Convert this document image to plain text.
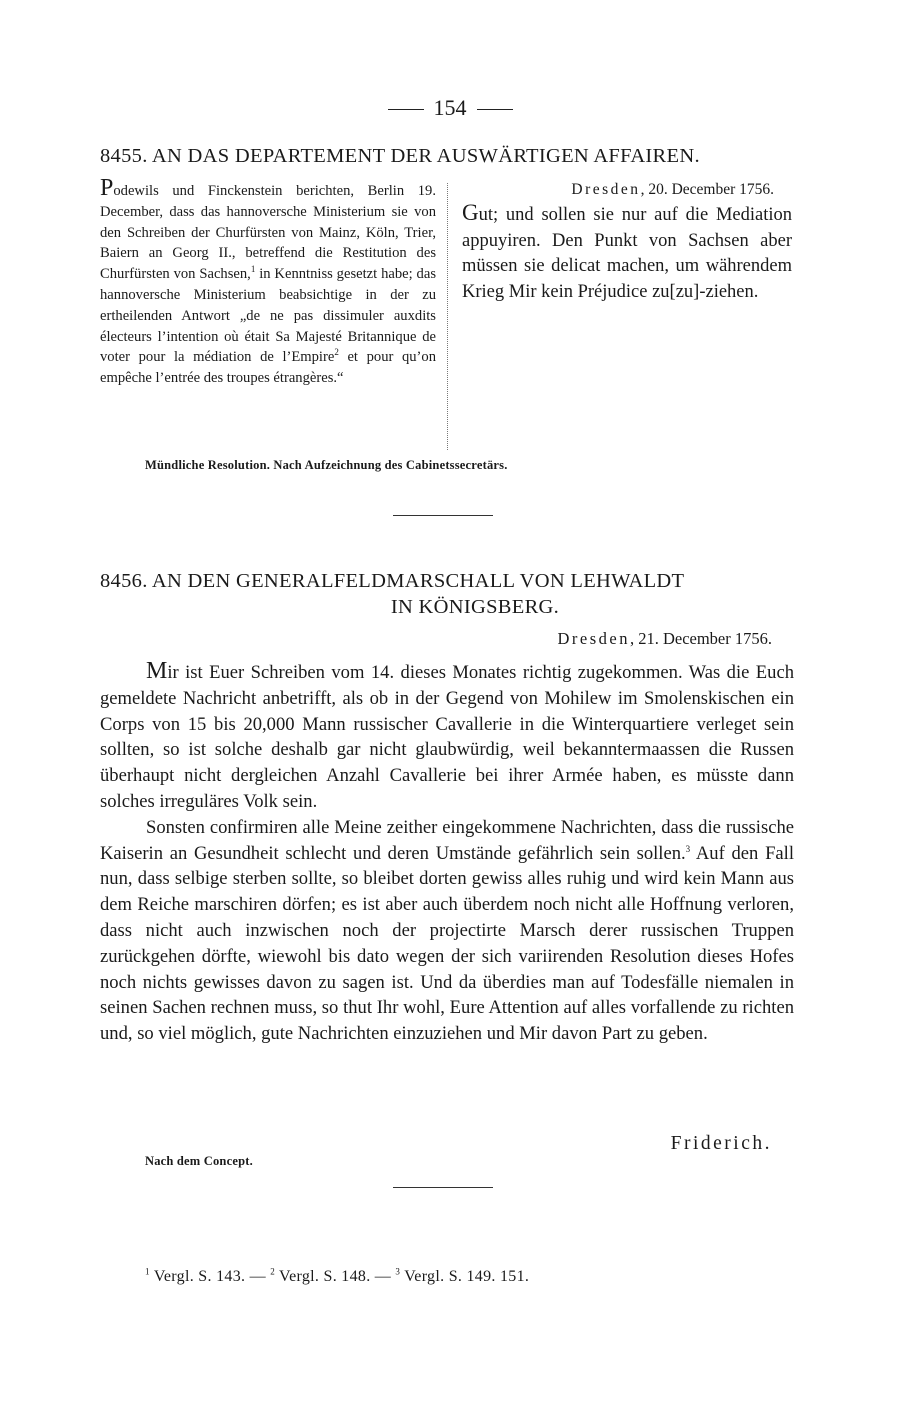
154
8455. AN DAS DEPARTEMENT DER AUSWÄRTIGEN AFFAIREN.
Podewils und Finckenstein berichten, Berlin 19. December, dass das hannoversche Ministerium sie von den Schreiben der Churfürsten von Mainz, Köln, Trier, Baiern an Georg II., betreffend die Restitution des Churfürsten von Sachsen,$^1$ in Kenntniss gesetzt habe; das hannoversche Ministerium beabsichtige in der zu ertheilenden Antwort „de ne pas dissimuler auxdits électeurs l’intention où était Sa Majesté Britannique de voter pour la médiation de l’Empire$^2$ et pour qu’on empêche l’entrée des troupes étrangères.“
Dresden, 20. December 1756.
Gut; und sollen sie nur auf die Mediation appuyiren. Den Punkt von Sachsen aber müssen sie delicat machen, um währendem Krieg Mir kein Préjudice zu[zu]-ziehen.
Mündliche Resolution. Nach Aufzeichnung des Cabinetssecretärs.
8456. AN DEN GENERALFELDMARSCHALL VON LEHWALDT
IN KÖNIGSBERG.
Dresden, 21. December 1756.

Mir ist Euer Schreiben vom 14. dieses Monates richtig zugekommen. Was die Euch gemeldete Nachricht anbetrifft, als ob in der Gegend von Mohilew im Smolenskischen ein Corps von 15 bis 20,000 Mann russischer Cavallerie in die Winterquartiere verleget sein sollten, so ist solche deshalb gar nicht glaubwürdig, weil bekanntermaassen die Russen überhaupt nicht dergleichen Anzahl Cavallerie bei ihrer Armée haben, es müsste dann solches irreguläres Volk sein.

Sonsten confirmiren alle Meine zeither eingekommene Nachrichten, dass die russische Kaiserin an Gesundheit schlecht und deren Umstände gefährlich sein sollen.$^3$ Auf den Fall nun, dass selbige sterben sollte, so bleibet dorten gewiss alles ruhig und wird kein Mann aus dem Reiche marschiren dörfen; es ist aber auch überdem noch nicht alle Hoffnung verloren, dass nicht auch inzwischen noch der projectirte Marsch derer russischen Truppen zurückgehen dörfte, wiewohl bis dato wegen der sich variirenden Resolution dieses Hofes noch nichts gewisses davon zu sagen ist. Und da überdies man auf Todesfälle niemalen in seinen Sachen rechnen muss, so thut Ihr wohl, Eure Attention auf alles vorfallende zu richten und, so viel möglich, gute Nachrichten einzuziehen und Mir davon Part zu geben.

Friderich.
Nach dem Concept.
$^1$ Vergl. S. 143. — $^2$ Vergl. S. 148. — $^3$ Vergl. S. 149. 151.
